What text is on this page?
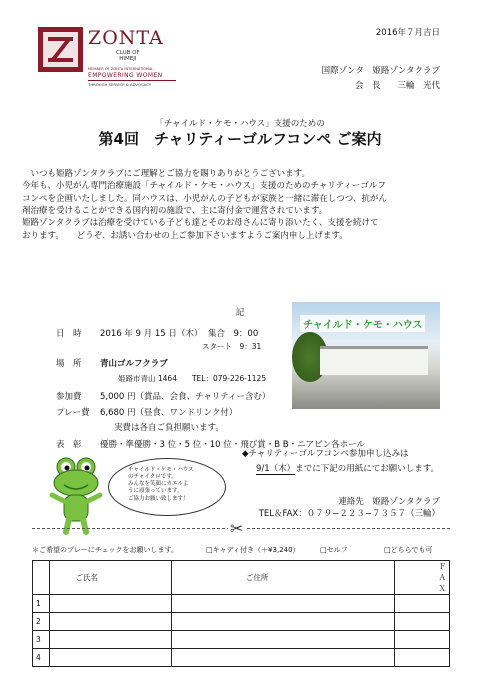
ZONTA
CLUB OF
HIMEJI
MEMBER OF ZONTA INTERNATIONAL
EMPOWERING WOMEN
THROUGH SERVICE & ADVOCACY
2016年７月吉日
国際ゾンタ　姫路ゾンタクラブ
会　長　　三輪　光代
「チャイルド・ケモ・ハウス」支援のための
第4回　チャリティーゴルフコンペ ご案内
　いつも姫路ゾンタクラブにご理解とご協力を賜りありがとうございます。
今年も、小児がん専門治療施設「チャイルド・ケモ・ハウス」支援のためのチャリティーゴルフ
コンペを企画いたしました。同ハウスは、小児がんの子どもが家族と一緒に滞在しつつ、抗がん
剤治療を受けることができる国内初の施設で、主に寄付金で運営されています。
姫路ゾンタクラブは治療を受けている子ども達とそのお母さんに寄り添いたく、支援を続けて
おります。　　どうぞ、お誘い合わせの上ご参加下さいますようご案内申し上げます。
記
日　時 2016 年 9 月 15 日（木） 集合　9：00
スタート　9：31
場　所 青山ゴルフクラブ
姫路市青山 1464　　TEL：079‐226‐1125
参加費 5,000 円（賞品、会食、チャリティー含む）
プレー費 6,680 円（昼食、ワンドリンク付）
実費は各自ご負担願います。
表　彰 優勝・準優勝・3 位・5 位・10 位・飛び賞・B B・ニアピン各ホール
チャイルド・ケモ・ハウス
チャイルド・ケモ・ハウス
のチャイクロです。
みんなを笑顔にカエルよ
うに頑張っています。
ご協力お願い致します！
◆チャリティーゴルフコンペ参加申し込みは
9/1（木）までに下記の用紙にてお願いします。
連絡先　姫路ゾンタクラブ
TEL＆FAX：０７９−２２３−７３５７（三輪）
✂
＊ご希望のプレーにチェックをお願いします。	□キャディ付き（＋¥3,240）	□セルフ	□どちらでも可
	ご氏名	ご住所	ＦＡＸ
1			
2			
3			
4			
